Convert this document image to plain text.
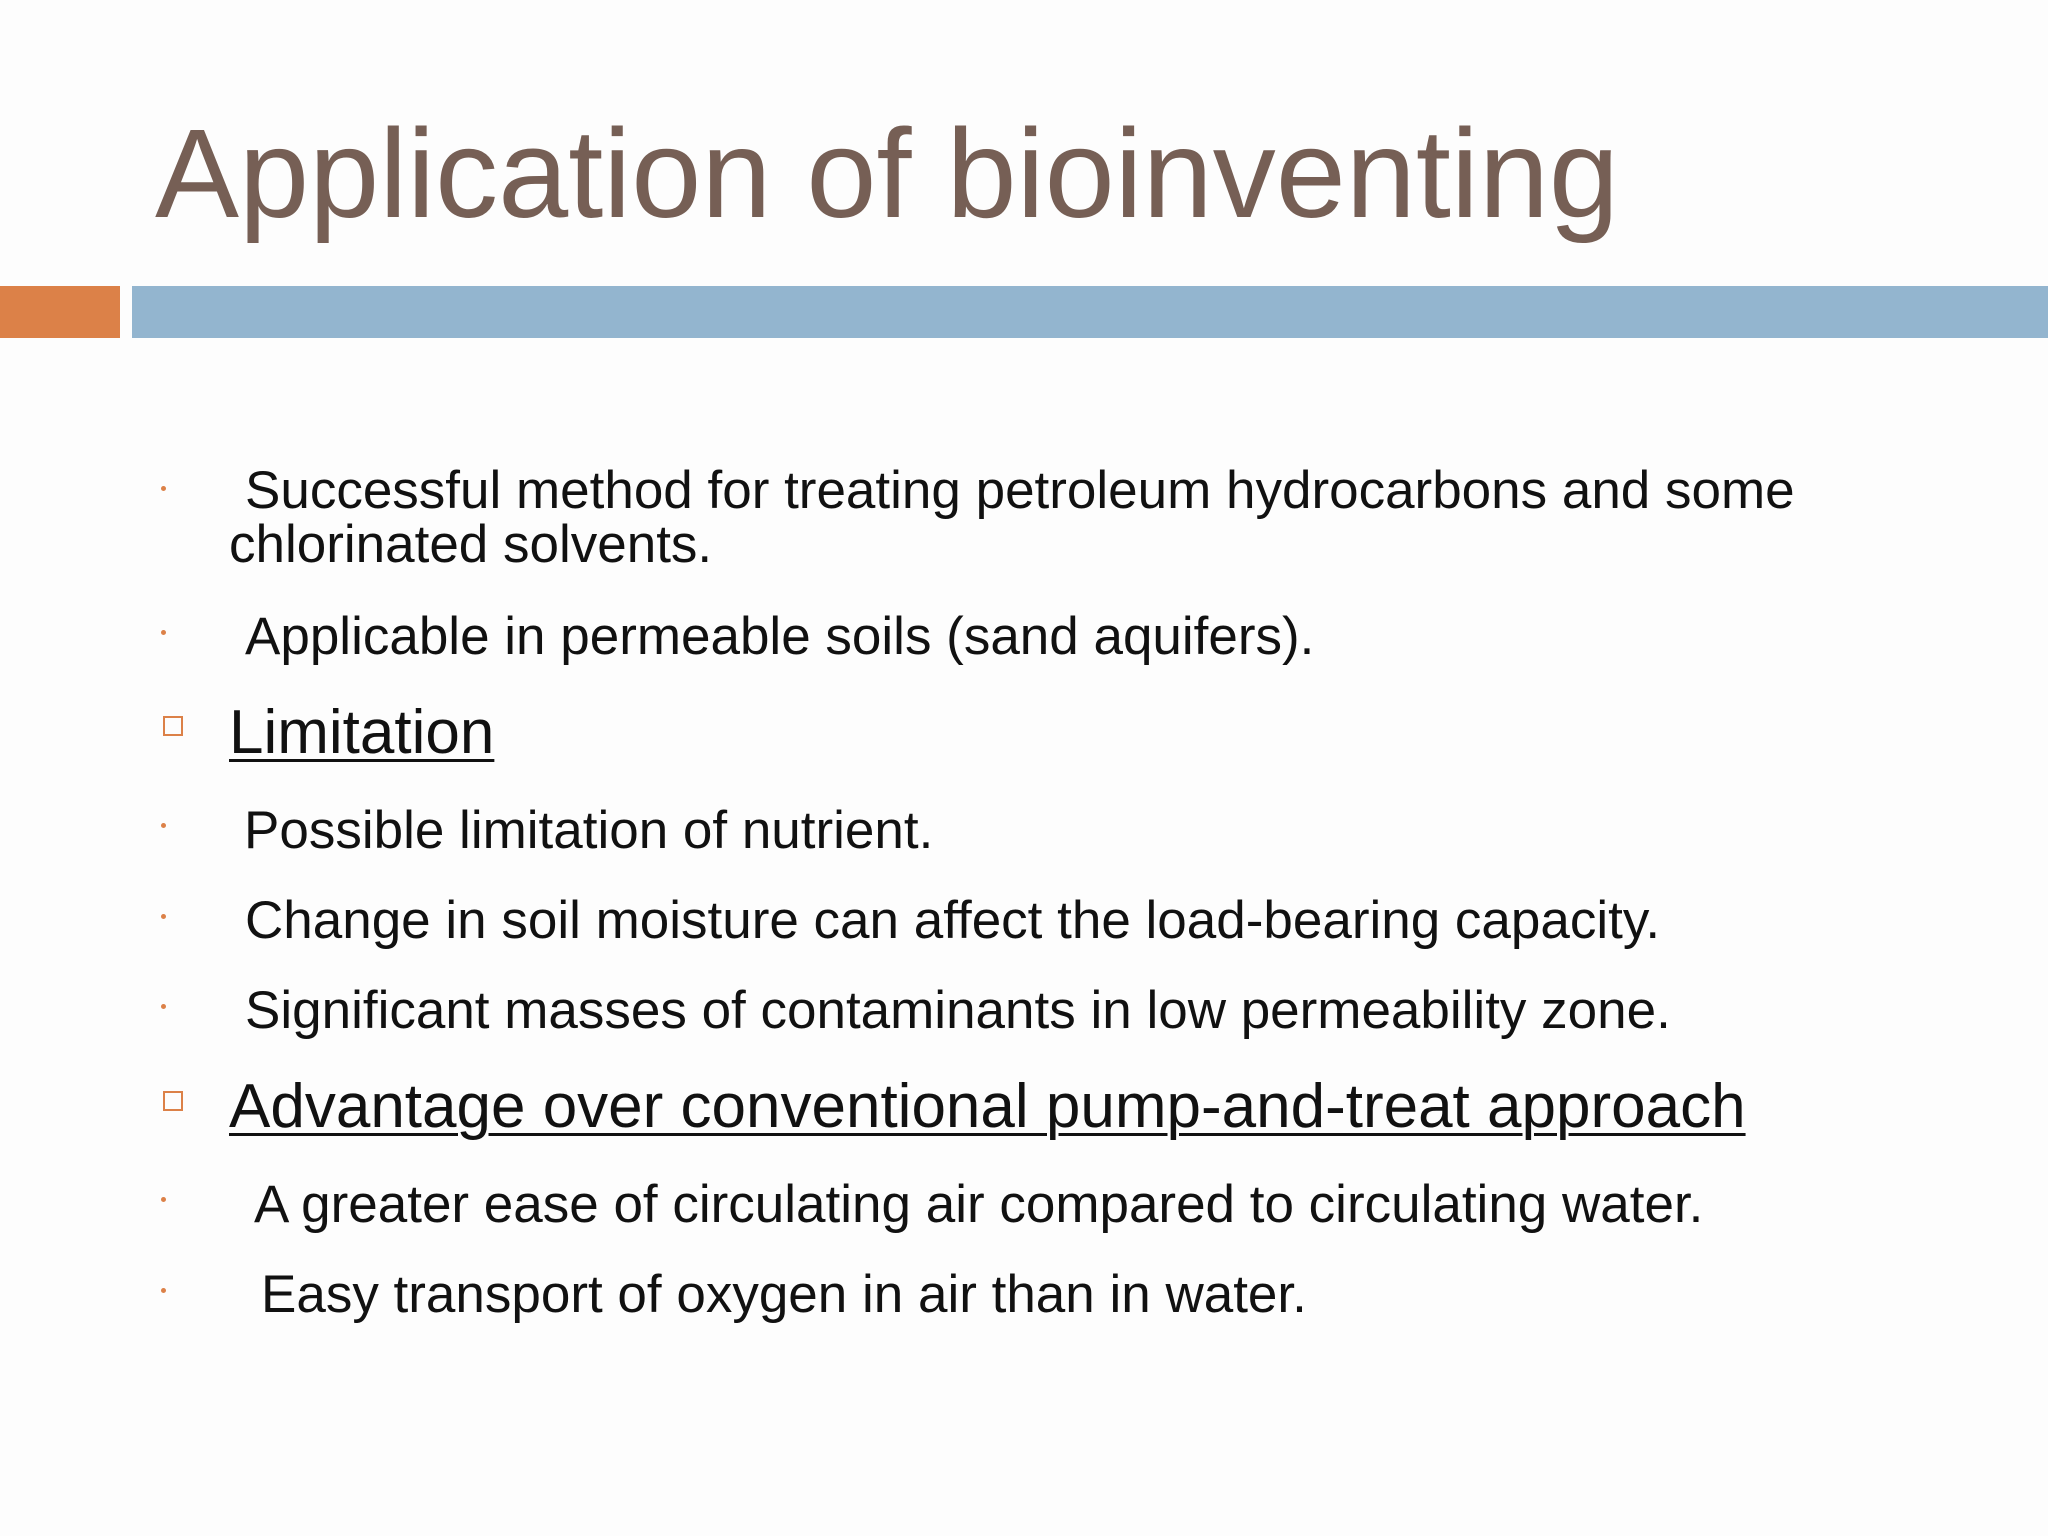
Application of bioinventing
Successful method for treating petroleum hydrocarbons and some chlorinated solvents.
Applicable in permeable soils (sand aquifers).
Limitation
Possible limitation of nutrient.
Change in soil moisture can affect the load-bearing capacity.
Significant masses of contaminants in low permeability zone.
Advantage over conventional pump-and-treat approach
A greater ease of circulating air compared to circulating water.
Easy transport of oxygen in air than in water.
